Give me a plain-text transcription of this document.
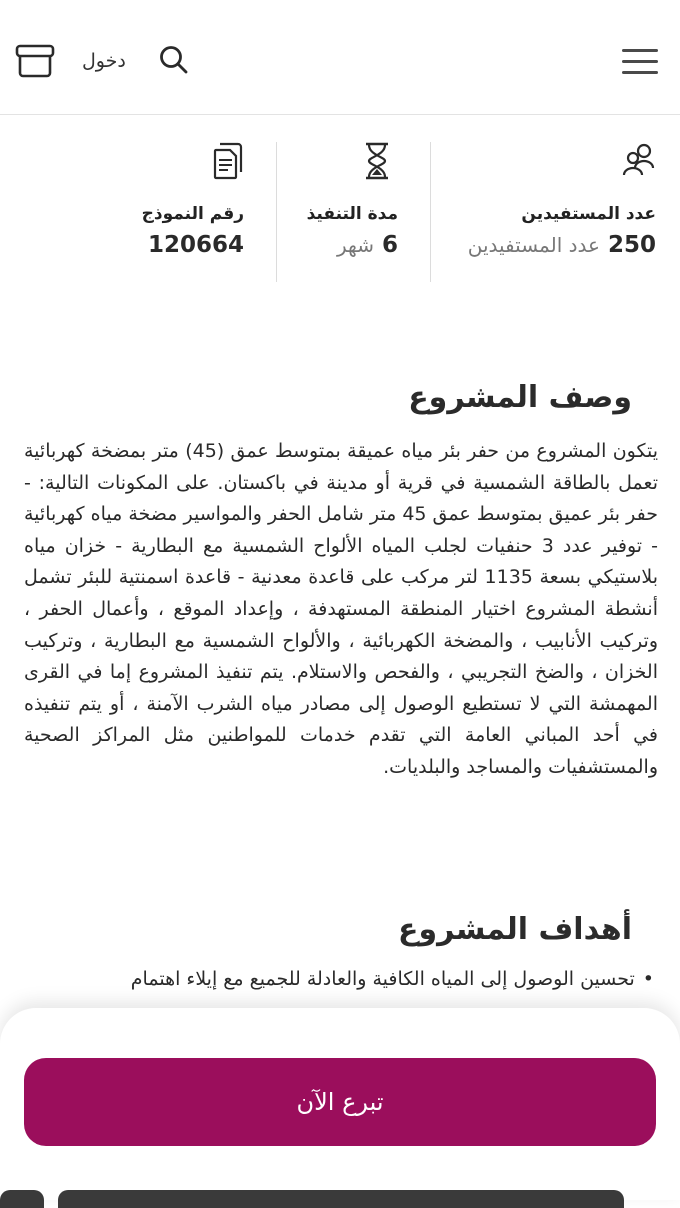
دخول
عدد المستفيدين
250 عدد المستفيدين
مدة التنفيذ
6 شهر
رقم النموذج
120664
وصف المشروع
يتكون المشروع من حفر بئر مياه عميقة بمتوسط عمق (45) متر بمضخة كهربائية تعمل بالطاقة الشمسية في قرية أو مدينة في باكستان. على المكونات التالية: - حفر بئر عميق بمتوسط عمق 45 متر شامل الحفر والمواسير مضخة مياه كهربائية - توفير عدد 3 حنفيات لجلب المياه الألواح الشمسية مع البطارية - خزان مياه بلاستيكي بسعة 1135 لتر مركب على قاعدة معدنية - قاعدة اسمنتية للبئر تشمل أنشطة المشروع اختيار المنطقة المستهدفة ، وإعداد الموقع ، وأعمال الحفر ، وتركيب الأنابيب ، والمضخة الكهربائية ، والألواح الشمسية مع البطارية ، وتركيب الخزان ، والضخ التجريبي ، والفحص والاستلام. يتم تنفيذ المشروع إما في القرى المهمشة التي لا تستطيع الوصول إلى مصادر مياه الشرب الآمنة ، أو يتم تنفيذه في أحد المباني العامة التي تقدم خدمات للمواطنين مثل المراكز الصحية والمستشفيات والمساجد والبلديات.
أهداف المشروع
• تحسين الوصول إلى المياه الكافية والعادلة للجميع مع إيلاء اهتمام
تبرع الآن
